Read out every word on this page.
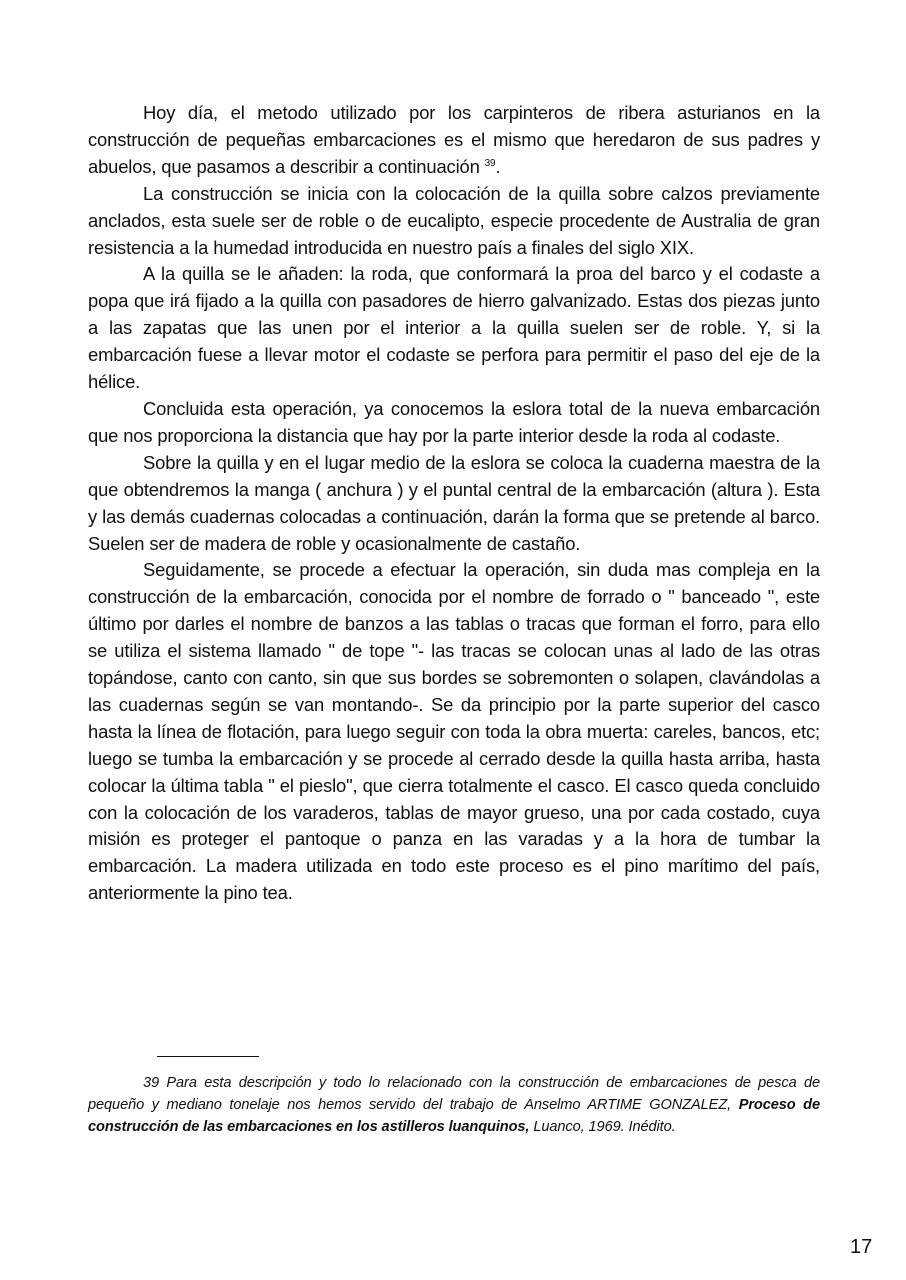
Hoy día, el metodo utilizado por los carpinteros de ribera asturianos en la construcción de pequeñas embarcaciones es el mismo que heredaron de sus padres y abuelos, que pasamos a describir a continuación $^{39}$.

La construcción se inicia con la colocación de la quilla sobre calzos previamente anclados, esta suele ser de roble o de eucalipto, especie procedente de Australia de gran resistencia a la humedad introducida en nuestro país a finales del siglo XIX.

A la quilla se le añaden: la roda, que conformará la proa del barco y el codaste a popa que irá fijado a la quilla con pasadores de hierro galvanizado. Estas dos piezas junto a las zapatas que las unen por el interior a la quilla suelen ser de roble. Y, si la embarcación fuese a llevar motor el codaste se perfora para permitir el paso del eje de la hélice.

Concluida esta operación, ya conocemos la eslora total de la nueva embarcación que nos proporciona la distancia que hay por la parte interior desde la roda al codaste.

Sobre la quilla y en el lugar medio de la eslora se coloca la cuaderna maestra de la que obtendremos la manga ( anchura ) y el puntal central de la embarcación (altura ). Esta y las demás cuadernas colocadas a continuación, darán la forma que se pretende al barco. Suelen ser de madera de roble y ocasionalmente de castaño.

Seguidamente, se procede a efectuar la operación, sin duda mas compleja en la construcción de la embarcación, conocida por el nombre de forrado o " banceado ", este último por darles el nombre de banzos a las tablas o tracas que forman el forro, para ello se utiliza el sistema llamado " de tope "- las tracas se colocan unas al lado de las otras topándose, canto con canto, sin que sus bordes se sobremonten o solapen, clavándolas a las cuadernas según se van montando-. Se da principio por la parte superior del casco hasta la línea de flotación, para luego seguir con toda la obra muerta: careles, bancos, etc; luego se tumba la embarcación y se procede al cerrado desde la quilla hasta arriba, hasta colocar la última tabla " el pieslo", que cierra totalmente el casco. El casco queda concluido con la colocación de los varaderos, tablas de mayor grueso, una por cada costado, cuya misión es proteger el pantoque o panza en las varadas y a la hora de tumbar la embarcación. La madera utilizada en todo este proceso es el pino marítimo del país, anteriormente la pino tea.

39 Para esta descripción y todo lo relacionado con la construcción de embarcaciones de pesca de pequeño y mediano tonelaje nos hemos servido del trabajo de Anselmo ARTIME GONZALEZ, Proceso de construcción de las embarcaciones en los astilleros luanquinos, Luanco, 1969. Inédito.

17
